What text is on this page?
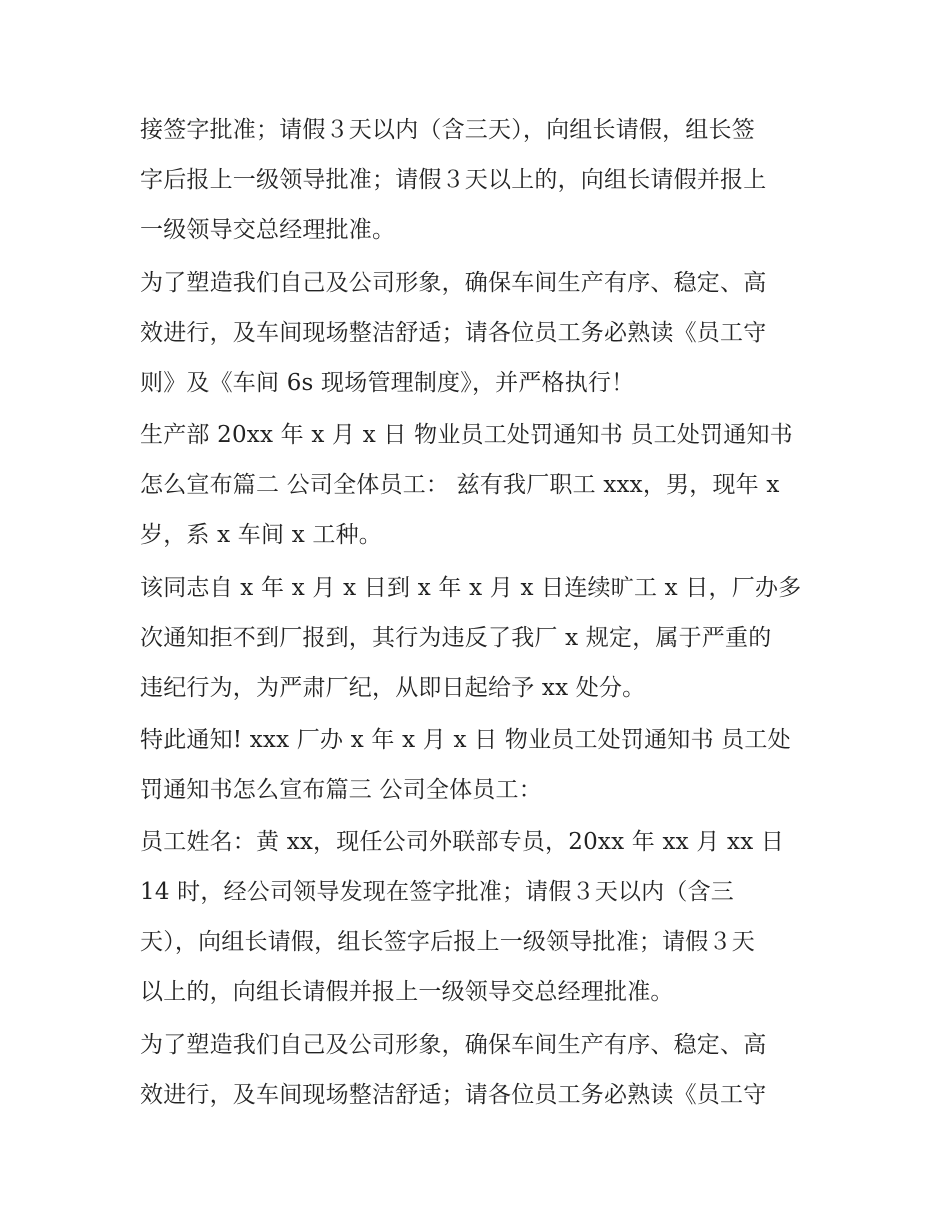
接签字批准；请假３天以内（含三天），向组长请假，组长签
字后报上一级领导批准；请假３天以上的，向组长请假并报上
一级领导交总经理批准。
为了塑造我们自己及公司形象，确保车间生产有序、稳定、高
效进行，及车间现场整洁舒适；请各位员工务必熟读《员工守
则》及《车间 6s 现场管理制度》，并严格执行！
生产部 20xx 年 x 月 x 日 物业员工处罚通知书 员工处罚通知书
怎么宣布篇二 公司全体员工： 兹有我厂职工 xxx，男，现年 x
岁，系 x 车间 x 工种。
该同志自 x 年 x 月 x 日到 x 年 x 月 x 日连续旷工 x 日，厂办多
次通知拒不到厂报到，其行为违反了我厂 x 规定，属于严重的
违纪行为，为严肃厂纪，从即日起给予 xx 处分。
特此通知! xxx 厂办 x 年 x 月 x 日 物业员工处罚通知书 员工处
罚通知书怎么宣布篇三 公司全体员工：
员工姓名：黄 xx，现任公司外联部专员，20xx 年 xx 月 xx 日
14 时，经公司领导发现在签字批准；请假３天以内（含三
天），向组长请假，组长签字后报上一级领导批准；请假３天
以上的，向组长请假并报上一级领导交总经理批准。
为了塑造我们自己及公司形象，确保车间生产有序、稳定、高
效进行，及车间现场整洁舒适；请各位员工务必熟读《员工守
